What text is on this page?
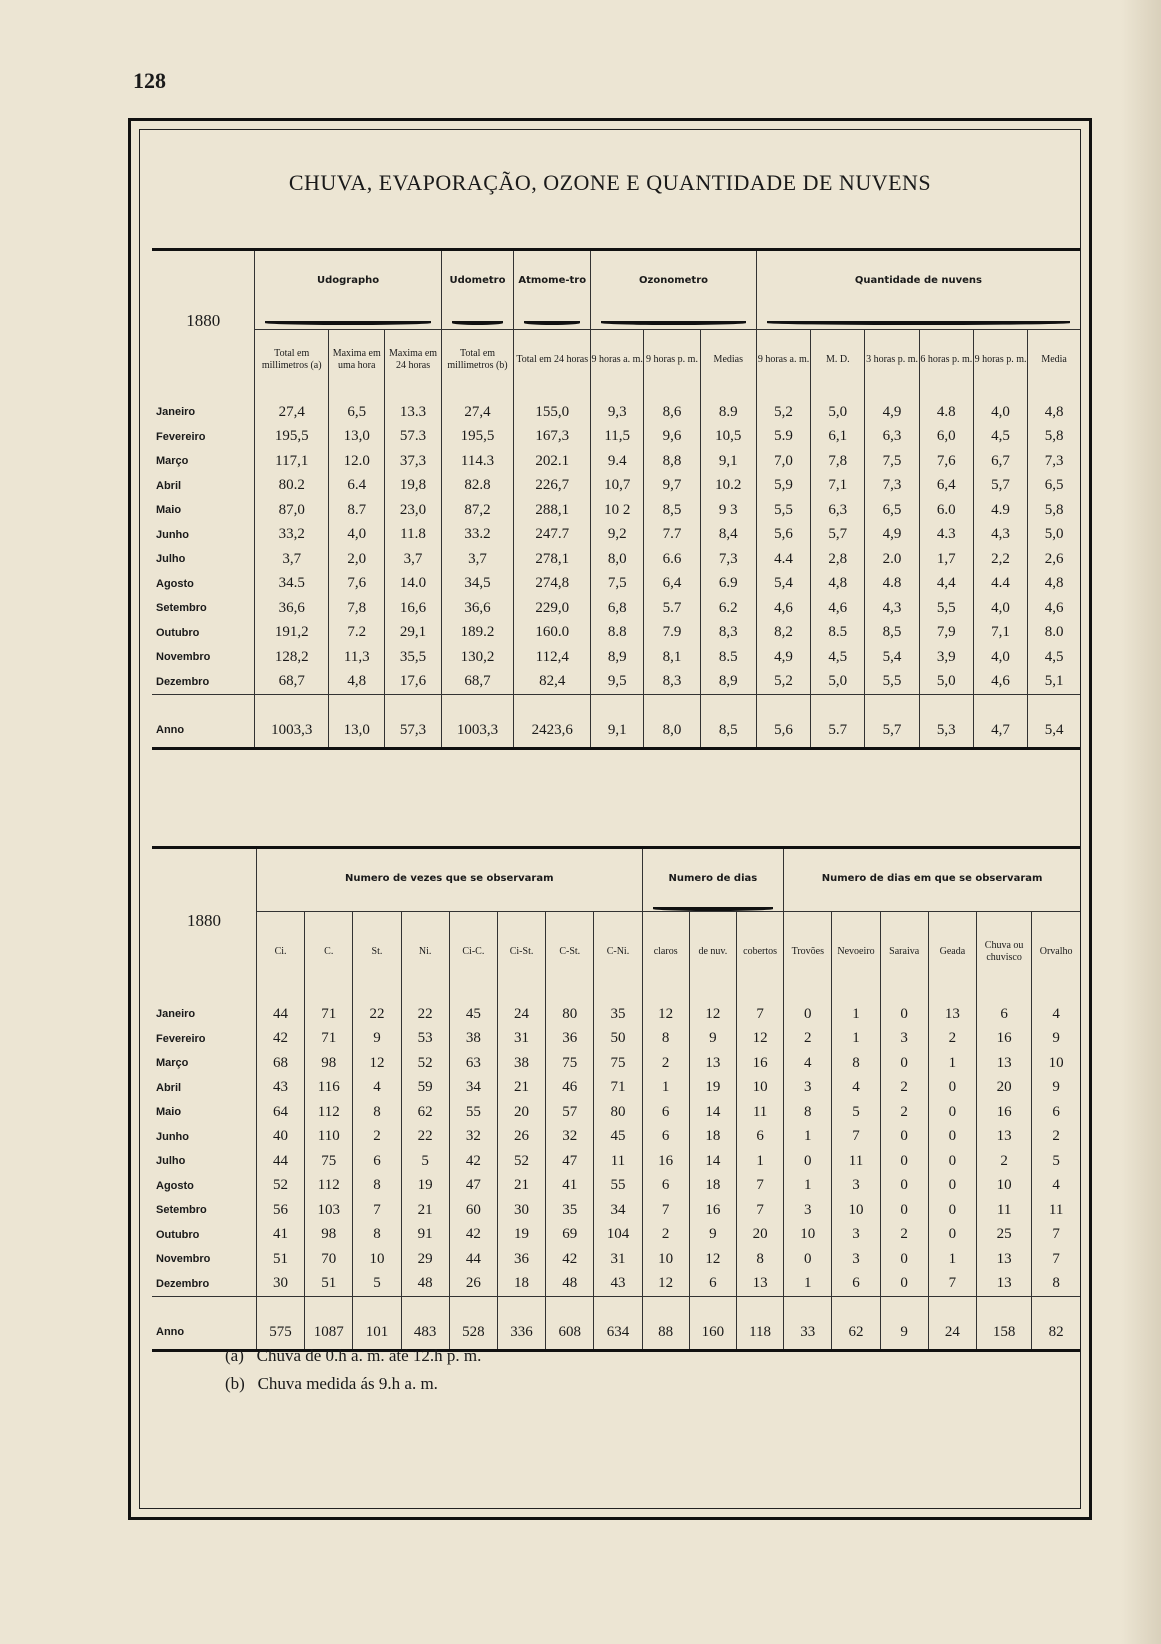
128
CHUVA, EVAPORAÇÃO, OZONE E QUANTIDADE DE NUVENS
1880	Udographo			Udometro	Atmome-tro	Ozonometro			Quantidade de nuvens					

	Total em millimetros (a)	Maxima em uma hora	Maxima em 24 horas	Total em millimetros (b)	Total em 24 horas	9 horas a. m.	9 horas p. m.	Medias	9 horas a. m.	M. D.	3 horas p. m.	6 horas p. m.	9 horas p. m.	Media
Janeiro	27,4	6,5	13.3	27,4	155,0	9,3	8,6	8.9	5,2	5,0	4,9	4.8	4,0	4,8
Fevereiro	195,5	13,0	57.3	195,5	167,3	11,5	9,6	10,5	5.9	6,1	6,3	6,0	4,5	5,8
Março	117,1	12.0	37,3	114.3	202.1	9.4	8,8	9,1	7,0	7,8	7,5	7,6	6,7	7,3
Abril	80.2	6.4	19,8	82.8	226,7	10,7	9,7	10.2	5,9	7,1	7,3	6,4	5,7	6,5
Maio	87,0	8.7	23,0	87,2	288,1	10 2	8,5	9 3	5,5	6,3	6,5	6.0	4.9	5,8
Junho	33,2	4,0	11.8	33.2	247.7	9,2	7.7	8,4	5,6	5,7	4,9	4.3	4,3	5,0
Julho	3,7	2,0	3,7	3,7	278,1	8,0	6.6	7,3	4.4	2,8	2.0	1,7	2,2	2,6
Agosto	34.5	7,6	14.0	34,5	274,8	7,5	6,4	6.9	5,4	4,8	4.8	4,4	4.4	4,8
Setembro	36,6	7,8	16,6	36,6	229,0	6,8	5.7	6.2	4,6	4,6	4,3	5,5	4,0	4,6
Outubro	191,2	7.2	29,1	189.2	160.0	8.8	7.9	8,3	8,2	8.5	8,5	7,9	7,1	8.0
Novembro	128,2	11,3	35,5	130,2	112,4	8,9	8,1	8.5	4,9	4,5	5,4	3,9	4,0	4,5
Dezembro	68,7	4,8	17,6	68,7	82,4	9,5	8,3	8,9	5,2	5,0	5,5	5,0	4,6	5,1
Anno	1003,3	13,0	57,3	1003,3	2423,6	9,1	8,0	8,5	5,6	5.7	5,7	5,3	4,7	5,4
1880	Numero de vezes que se observaram								Numero de dias			Numero de dias em que se observaram					

	Ci.	C.	St.	Ni.	Ci-C.	Ci-St.	C-St.	C-Ni.	claros	de nuv.	cobertos	Trovões	Nevoeiro	Saraiva	Geada	Chuva ou chuvisco	Orvalho
Janeiro	44	71	22	22	45	24	80	35	12	12	7	0	1	0	13	6	4
Fevereiro	42	71	9	53	38	31	36	50	8	9	12	2	1	3	2	16	9
Março	68	98	12	52	63	38	75	75	2	13	16	4	8	0	1	13	10
Abril	43	116	4	59	34	21	46	71	1	19	10	3	4	2	0	20	9
Maio	64	112	8	62	55	20	57	80	6	14	11	8	5	2	0	16	6
Junho	40	110	2	22	32	26	32	45	6	18	6	1	7	0	0	13	2
Julho	44	75	6	5	42	52	47	11	16	14	1	0	11	0	0	2	5
Agosto	52	112	8	19	47	21	41	55	6	18	7	1	3	0	0	10	4
Setembro	56	103	7	21	60	30	35	34	7	16	7	3	10	0	0	11	11
Outubro	41	98	8	91	42	19	69	104	2	9	20	10	3	2	0	25	7
Novembro	51	70	10	29	44	36	42	31	10	12	8	0	3	0	1	13	7
Dezembro	30	51	5	48	26	18	48	43	12	6	13	1	6	0	7	13	8
Anno	575	1087	101	483	528	336	608	634	88	160	118	33	62	9	24	158	82
(a) Chuva de 0.h a. m. até 12.h p. m.
(b) Chuva medida ás 9.h a. m.
